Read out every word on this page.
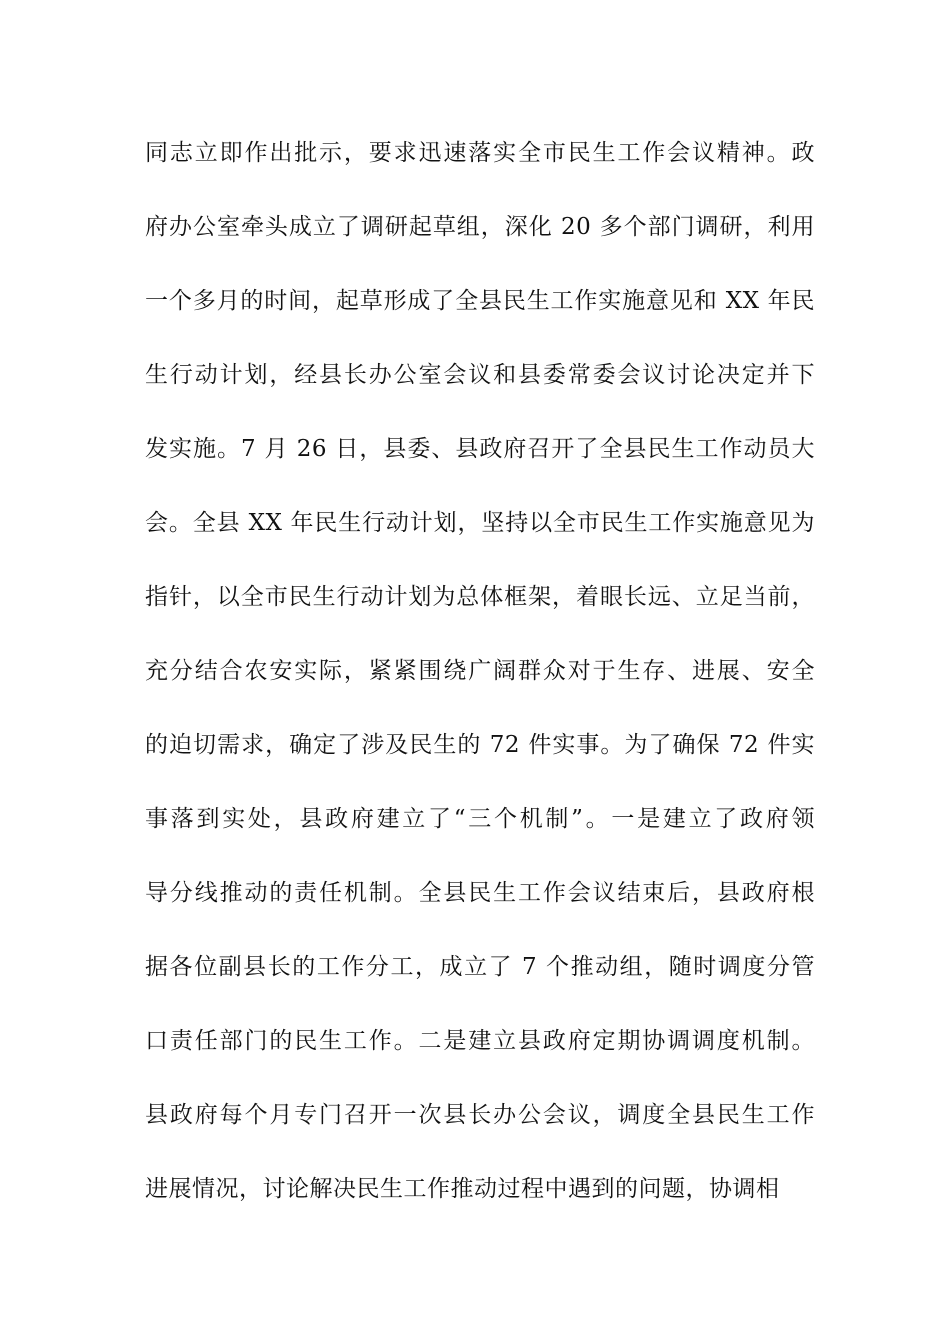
同志立即作出批示，要求迅速落实全市民生工作会议精神。政
府办公室牵头成立了调研起草组，深化 20 多个部门调研，利用
一个多月的时间，起草形成了全县民生工作实施意见和 XX 年民
生行动计划，经县长办公室会议和县委常委会议讨论决定并下
发实施。7 月 26 日，县委、县政府召开了全县民生工作动员大
会。全县 XX 年民生行动计划，坚持以全市民生工作实施意见为
指针，以全市民生行动计划为总体框架，着眼长远、立足当前，
充分结合农安实际，紧紧围绕广阔群众对于生存、进展、安全
的迫切需求，确定了涉及民生的 72 件实事。为了确保 72 件实
事落到实处，县政府建立了“三个机制”。一是建立了政府领
导分线推动的责任机制。全县民生工作会议结束后，县政府根
据各位副县长的工作分工，成立了 7 个推动组，随时调度分管
口责任部门的民生工作。二是建立县政府定期协调调度机制。
县政府每个月专门召开一次县长办公会议，调度全县民生工作
进展情况，讨论解决民生工作推动过程中遇到的问题，协调相
